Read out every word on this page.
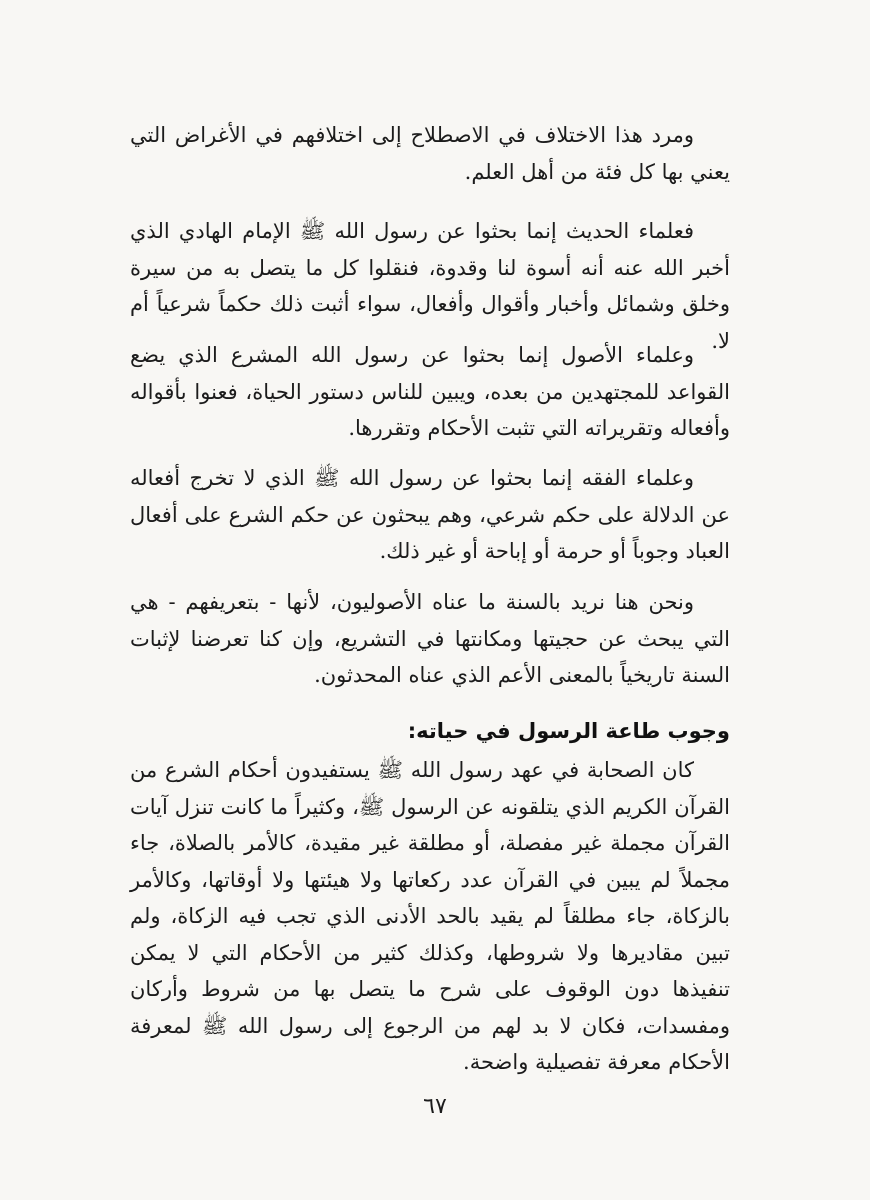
ومرد هذا الاختلاف في الاصطلاح إلى اختلافهم في الأغراض التي يعني بها كل فئة من أهل العلم.

فعلماء الحديث إنما بحثوا عن رسول الله ﷺ الإمام الهادي الذي أخبر الله عنه أنه أسوة لنا وقدوة، فنقلوا كل ما يتصل به من سيرة وخلق وشمائل وأخبار وأقوال وأفعال، سواء أثبت ذلك حكماً شرعياً أم لا.

وعلماء الأصول إنما بحثوا عن رسول الله المشرع الذي يضع القواعد للمجتهدين من بعده، ويبين للناس دستور الحياة، فعنوا بأقواله وأفعاله وتقريراته التي تثبت الأحكام وتقررها.

وعلماء الفقه إنما بحثوا عن رسول الله ﷺ الذي لا تخرج أفعاله عن الدلالة على حكم شرعي، وهم يبحثون عن حكم الشرع على أفعال العباد وجوباً أو حرمة أو إباحة أو غير ذلك.

ونحن هنا نريد بالسنة ما عناه الأصوليون، لأنها - بتعريفهم - هي التي يبحث عن حجيتها ومكانتها في التشريع، وإن كنا تعرضنا لإثبات السنة تاريخياً بالمعنى الأعم الذي عناه المحدثون.

وجوب طاعة الرسول في حياته:

كان الصحابة في عهد رسول الله ﷺ يستفيدون أحكام الشرع من القرآن الكريم الذي يتلقونه عن الرسول ﷺ، وكثيراً ما كانت تنزل آيات القرآن مجملة غير مفصلة، أو مطلقة غير مقيدة، كالأمر بالصلاة، جاء مجملاً لم يبين في القرآن عدد ركعاتها ولا هيئتها ولا أوقاتها، وكالأمر بالزكاة، جاء مطلقاً لم يقيد بالحد الأدنى الذي تجب فيه الزكاة، ولم تبين مقاديرها ولا شروطها، وكذلك كثير من الأحكام التي لا يمكن تنفيذها دون الوقوف على شرح ما يتصل بها من شروط وأركان ومفسدات، فكان لا بد لهم من الرجوع إلى رسول الله ﷺ لمعرفة الأحكام معرفة تفصيلية واضحة.

٦٧
